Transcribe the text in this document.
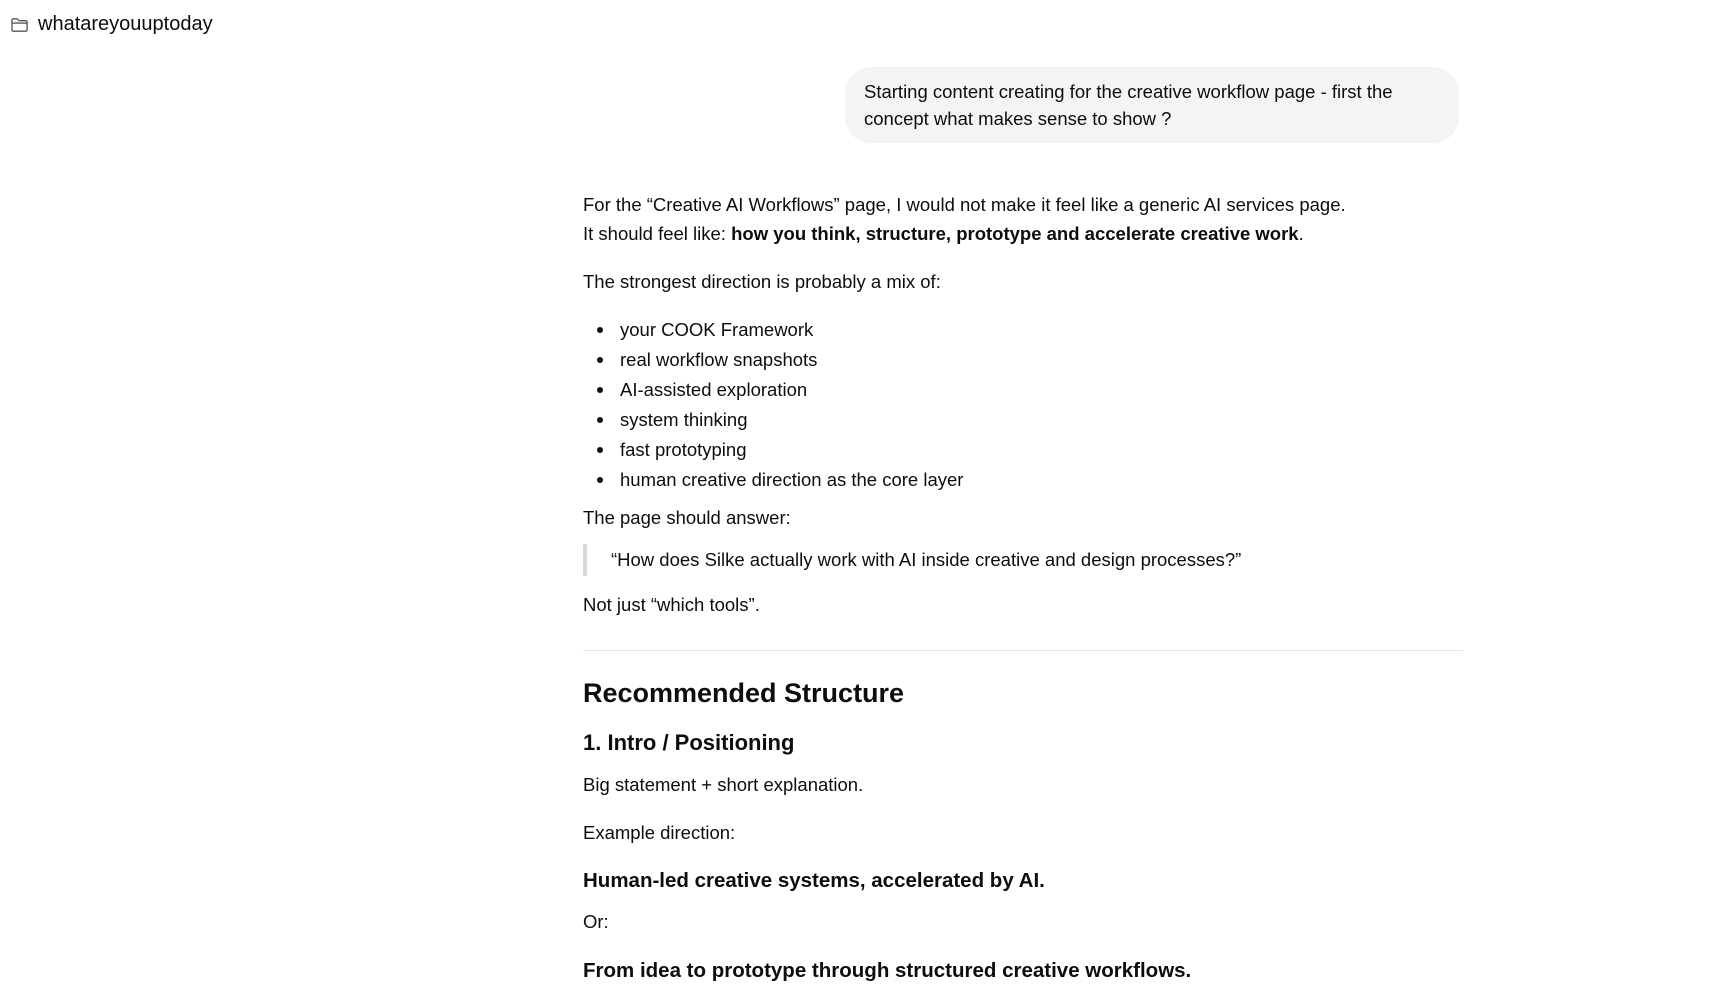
whatareyouuptoday
Starting content creating for the creative workflow page - first the concept what makes sense to show ?

For the “Creative AI Workflows” page, I would not make it feel like a generic AI services page.
It should feel like: how you think, structure, prototype and accelerate creative work.

The strongest direction is probably a mix of:

your COOK Framework
real workflow snapshots
AI-assisted exploration
system thinking
fast prototyping
human creative direction as the core layer

The page should answer:

“How does Silke actually work with AI inside creative and design processes?”

Not just “which tools”.

Recommended Structure
1. Intro / Positioning

Big statement + short explanation.

Example direction:

Human-led creative systems, accelerated by AI.

Or:

From idea to prototype through structured creative workflows.
